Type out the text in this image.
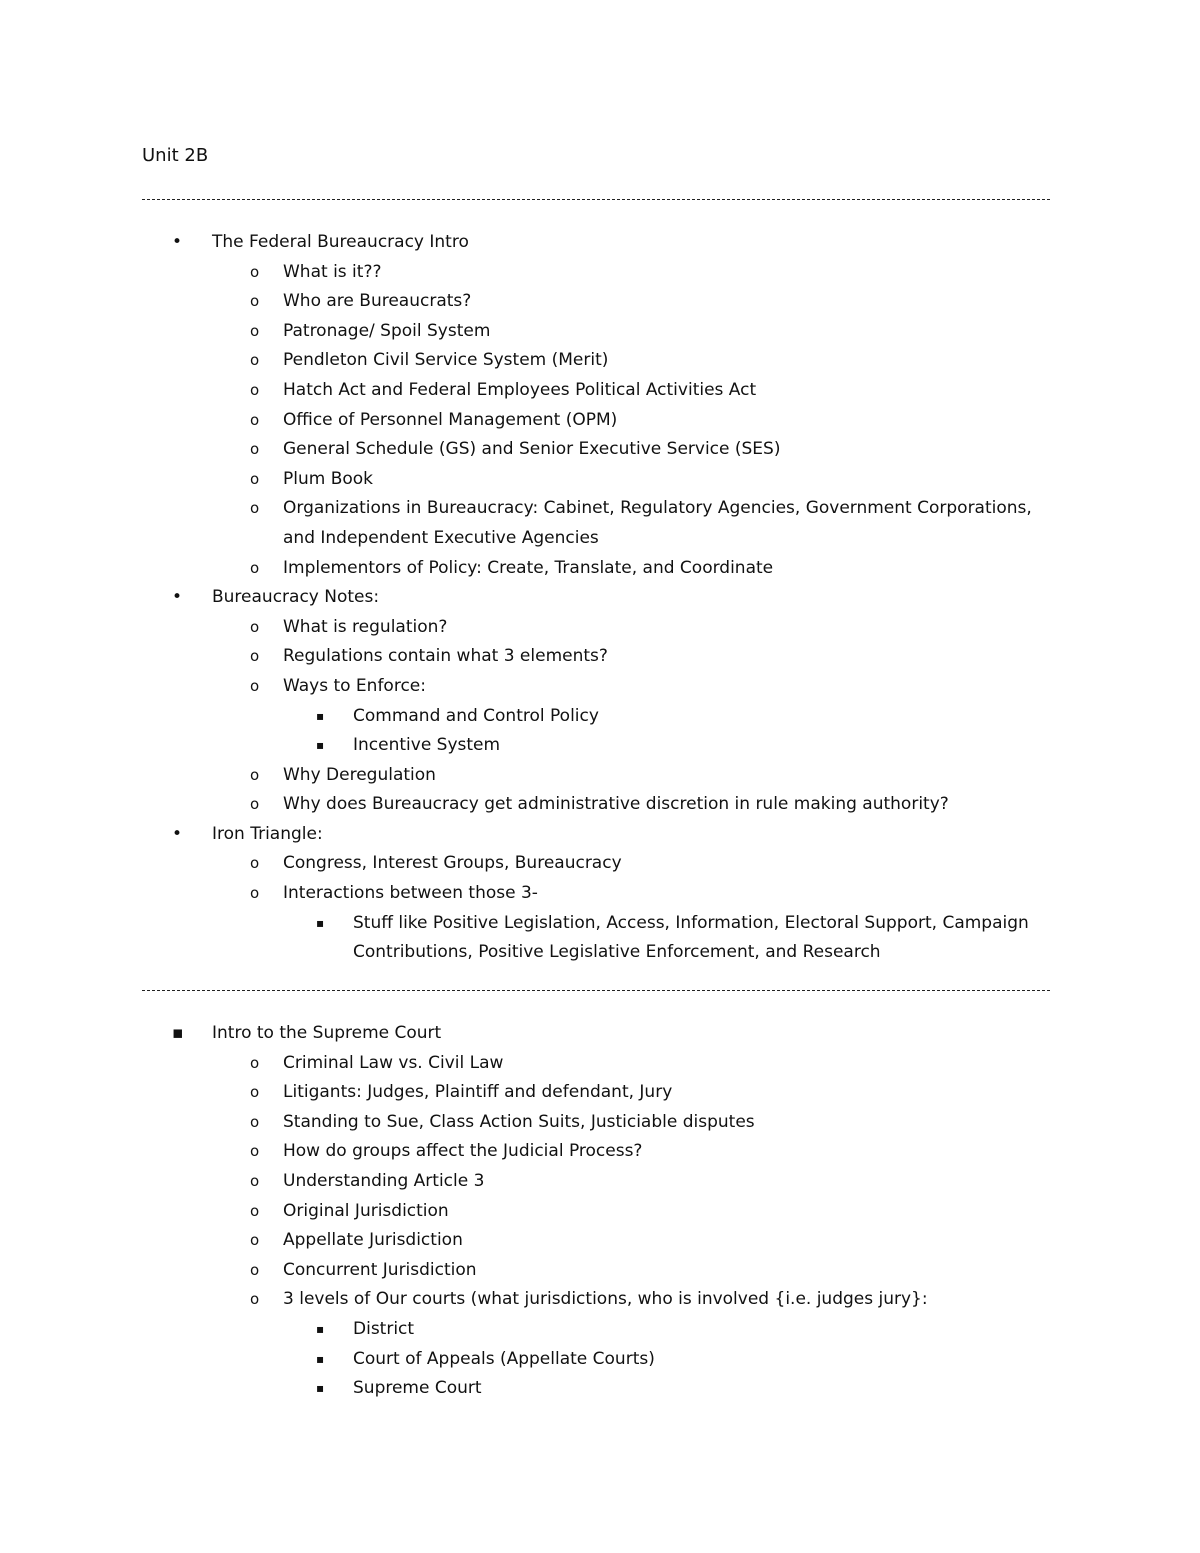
Unit 2B
• The Federal Bureaucracy Intro
o What is it??
o Who are Bureaucrats?
o Patronage/ Spoil System
o Pendleton Civil Service System (Merit)
o Hatch Act and Federal Employees Political Activities Act
o Office of Personnel Management (OPM)
o General Schedule (GS) and Senior Executive Service (SES)
o Plum Book
o Organizations in Bureaucracy: Cabinet, Regulatory Agencies, Government Corporations, and Independent Executive Agencies
o Implementors of Policy: Create, Translate, and Coordinate
• Bureaucracy Notes:
o What is regulation?
o Regulations contain what 3 elements?
o Ways to Enforce:
▪ Command and Control Policy
▪ Incentive System
o Why Deregulation
o Why does Bureaucracy get administrative discretion in rule making authority?
• Iron Triangle:
o Congress, Interest Groups, Bureaucracy
o Interactions between those 3-
▪ Stuff like Positive Legislation, Access, Information, Electoral Support, Campaign Contributions, Positive Legislative Enforcement, and Research
▪ Intro to the Supreme Court
o Criminal Law vs. Civil Law
o Litigants: Judges, Plaintiff and defendant, Jury
o Standing to Sue, Class Action Suits, Justiciable disputes
o How do groups affect the Judicial Process?
o Understanding Article 3
o Original Jurisdiction
o Appellate Jurisdiction
o Concurrent Jurisdiction
o 3 levels of Our courts (what jurisdictions, who is involved {i.e. judges jury}:
▪ District
▪ Court of Appeals (Appellate Courts)
▪ Supreme Court
